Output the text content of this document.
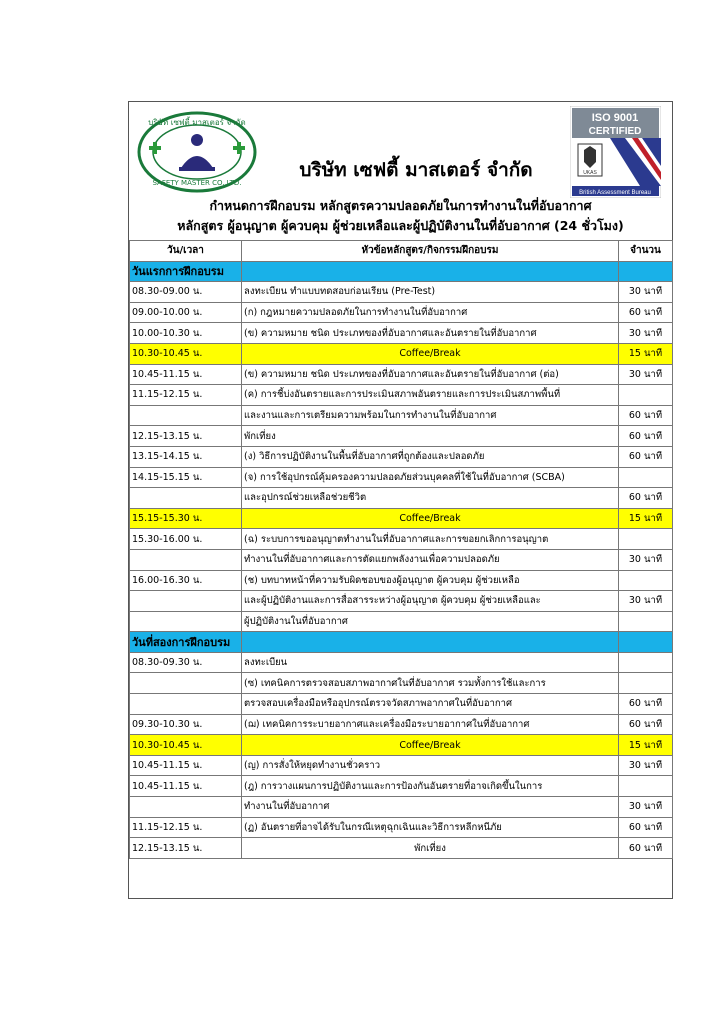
บริษัท เซฟตี้ มาสเตอร์ จำกัด
SAFETY MASTER CO.,LTD.
ISO 9001
CERTIFIED
UKAS
British Assessment Bureau
บริษัท เซฟตี้ มาสเตอร์ จำกัด
กำหนดการฝึกอบรม หลักสูตรความปลอดภัยในการทำงานในที่อับอากาศ
หลักสูตร ผู้อนุญาต ผู้ควบคุม ผู้ช่วยเหลือและผู้ปฏิบัติงานในที่อับอากาศ (24 ชั่วโมง)
วัน/เวลา	หัวข้อหลักสูตร/กิจกรรมฝึกอบรม	จำนวน
วันแรกการฝึกอบรม		
08.30-09.00 น.	ลงทะเบียน ทำแบบทดสอบก่อนเรียน (Pre-Test)	30 นาที
09.00-10.00 น.	(ก) กฎหมายความปลอดภัยในการทำงานในที่อับอากาศ	60 นาที
10.00-10.30 น.	(ข) ความหมาย ชนิด ประเภทของที่อับอากาศและอันตรายในที่อับอากาศ	30 นาที
10.30-10.45 น.	Coffee/Break	15 นาที
10.45-11.15 น.	(ข) ความหมาย ชนิด ประเภทของที่อับอากาศและอันตรายในที่อับอากาศ (ต่อ)	30 นาที
11.15-12.15 น.	(ค) การชี้บ่งอันตรายและการประเมินสภาพอันตรายและการประเมินสภาพพื้นที่	
	และงานและการเตรียมความพร้อมในการทำงานในที่อับอากาศ	60 นาที
12.15-13.15 น.	พักเที่ยง	60 นาที
13.15-14.15 น.	(ง) วิธีการปฏิบัติงานในพื้นที่อับอากาศที่ถูกต้องและปลอดภัย	60 นาที
14.15-15.15 น.	(จ) การใช้อุปกรณ์คุ้มครองความปลอดภัยส่วนบุคคลที่ใช้ในที่อับอากาศ (SCBA)	
	และอุปกรณ์ช่วยเหลือช่วยชีวิต	60 นาที
15.15-15.30 น.	Coffee/Break	15 นาที
15.30-16.00 น.	(ฉ) ระบบการขออนุญาตทำงานในที่อับอากาศและการขอยกเลิกการอนุญาต	
	ทำงานในที่อับอากาศและการตัดแยกพลังงานเพื่อความปลอดภัย	30 นาที
16.00-16.30 น.	(ช) บทบาทหน้าที่ความรับผิดชอบของผู้อนุญาต ผู้ควบคุม ผู้ช่วยเหลือ	
	และผู้ปฏิบัติงานและการสื่อสารระหว่างผู้อนุญาต ผู้ควบคุม ผู้ช่วยเหลือและ	30 นาที
	ผู้ปฏิบัติงานในที่อับอากาศ	
วันที่สองการฝึกอบรม		
08.30-09.30 น.	ลงทะเบียน	
	(ซ) เทคนิคการตรวจสอบสภาพอากาศในที่อับอากาศ รวมทั้งการใช้และการ	
	ตรวจสอบเครื่องมือหรืออุปกรณ์ตรวจวัดสภาพอากาศในที่อับอากาศ	60 นาที
09.30-10.30 น.	(ฌ) เทคนิคการระบายอากาศและเครื่องมือระบายอากาศในที่อับอากาศ	60 นาที
10.30-10.45 น.	Coffee/Break	15 นาที
10.45-11.15 น.	(ญ) การสั่งให้หยุดทำงานชั่วคราว	30 นาที
10.45-11.15 น.	(ฎ) การวางแผนการปฏิบัติงานและการป้องกันอันตรายที่อาจเกิดขึ้นในการ	
	ทำงานในที่อับอากาศ	30 นาที
11.15-12.15 น.	(ฏ) อันตรายที่อาจได้รับในกรณีเหตุฉุกเฉินและวิธีการหลีกหนีภัย	60 นาที
12.15-13.15 น.	พักเที่ยง	60 นาที
